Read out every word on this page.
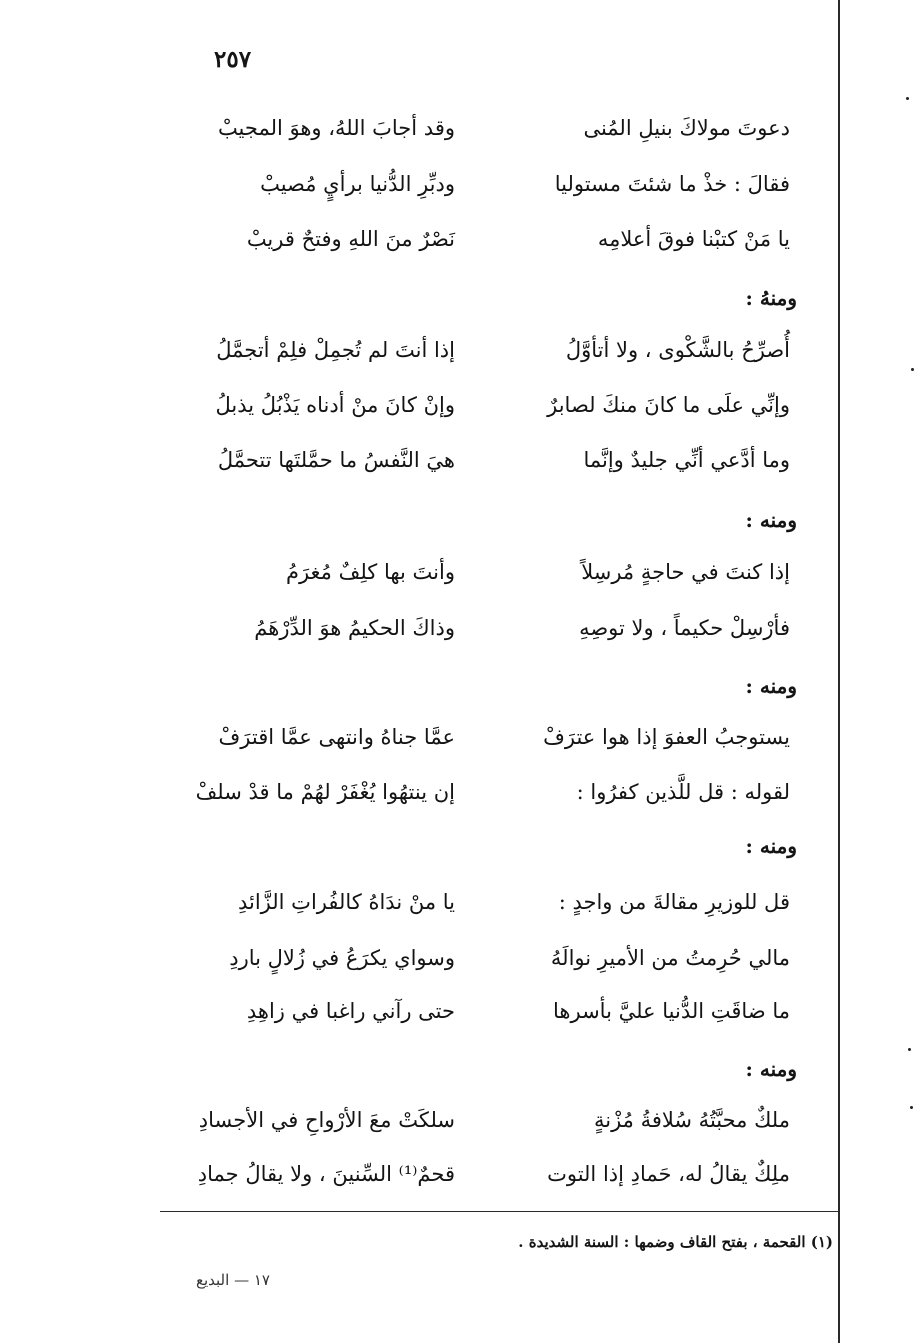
٢٥٧
دعوتَ مولاكَ بنيلِ المُنى
وقد أجابَ اللهُ، وهوَ المجيبْ
فقالَ : خذْ ما شئتَ مستوليا
ودبِّرِ الدُّنيا برأيٍ مُصيبْ
يا مَنْ كتبْنا فوقَ أعلامِه
نَصْرٌ منَ اللهِ وفتحٌ قريبْ
ومنهُ :
أُصرِّحُ بالشَّكْوى ، ولا أتأوَّلُ
إذا أنتَ لم تُجمِلْ فلِمْ أتجمَّلُ
وإنِّي علَى ما كانَ منكَ لصابرٌ
وإنْ كانَ منْ أدناه يَذْبُلُ يذبلُ
وما أدَّعي أنِّي جليدٌ وإنَّما
هيَ النَّفسُ ما حمَّلتَها تتحمَّلُ
ومنه :
إذا كنتَ في حاجةٍ مُرسِلاً
وأنتَ بها كلِفٌ مُغرَمُ
فأرْسِلْ حكيماً ، ولا توصِهِ
وذاكَ الحكيمُ هوَ الدِّرْهَمُ
ومنه :
يستوجبُ العفوَ إذا هوا عترَفْ
عمَّا جناهُ وانتهى عمَّا اقترَفْ
لقوله : قل للَّذين كفرُوا :
إن ينتهُوا يُغْفَرْ لهُمْ ما قدْ سلفْ
ومنه :
قل للوزيرِ مقالةَ من واجدٍ :
يا منْ ندَاهُ كالفُراتِ الزَّائدِ
مالي حُرِمتُ من الأميرِ نوالَهُ
وسواي يكرَعُ في زُلالٍ باردِ
ما ضاقَتِ الدُّنيا عليَّ بأسرها
حتى رآني راغبا في زاهِدِ
ومنه :
ملكٌ محبَّتُهُ سُلافةُ مُزْنةٍ
سلكَتْ معَ الأرْواحِ في الأجسادِ
ملِكٌ يقالُ له، حَمادِ إذا التوت
قحمٌ⁽¹⁾ السِّنينَ ، ولا يقالُ جمادِ
(١) القحمة ، بفتح القاف وضمها : السنة الشديدة .
١٧ — البديع
